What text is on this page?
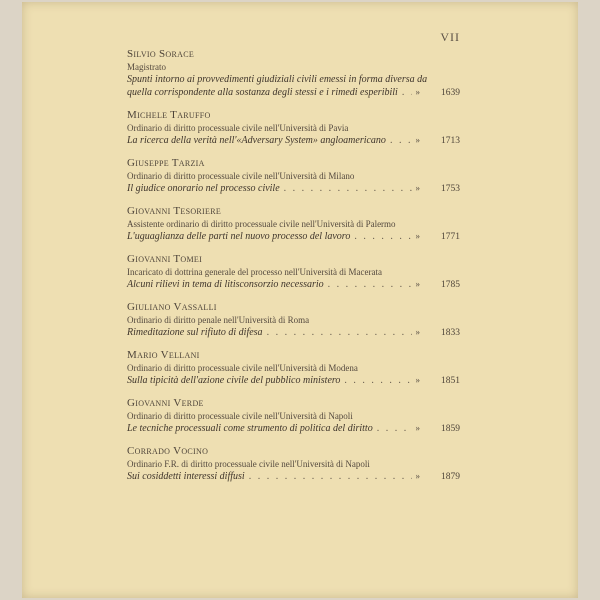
VII
Silvio Sorace
Magistrato
Spunti intorno ai provvedimenti giudiziali civili emessi in forma diversa da
quella corrispondente alla sostanza degli stessi e i rimedi esperibili . . . »	1639
Michele Taruffo
Ordinario di diritto processuale civile nell'Università di Pavia
La ricerca della verità nell'«Adversary System» angloamericano . . .	»	1713
Giuseppe Tarzia
Ordinario di diritto processuale civile nell'Università di Milano
Il giudice onorario nel processo civile . . .	»	1753
Giovanni Tesoriere
Assistente ordinario di diritto processuale civile nell'Università di Palermo
L'uguaglianza delle parti nel nuovo processo del lavoro . . .	»	1771
Giovanni Tomei
Incaricato di dottrina generale del processo nell'Università di Macerata
Alcuni rilievi in tema di litisconsorzio necessario . . .	»	1785
Giuliano Vassalli
Ordinario di diritto penale nell'Università di Roma
Rimeditazione sul rifiuto di difesa . . .	»	1833
Mario Vellani
Ordinario di diritto processuale civile nell'Università di Modena
Sulla tipicità dell'azione civile del pubblico ministero . . .	»	1851
Giovanni Verde
Ordinario di diritto processuale civile nell'Università di Napoli
Le tecniche processuali come strumento di politica del diritto . . .	»	1859
Corrado Vocino
Ordinario F.R. di diritto processuale civile nell'Università di Napoli
Sui cosiddetti interessi diffusi . . .	»	1879
